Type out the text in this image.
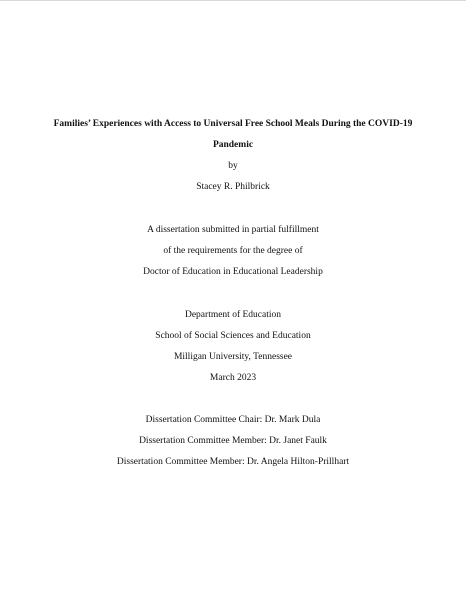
Families’ Experiences with Access to Universal Free School Meals During the COVID-19
Pandemic
by
Stacey R. Philbrick
A dissertation submitted in partial fulfillment
of the requirements for the degree of
Doctor of Education in Educational Leadership
Department of Education
School of Social Sciences and Education
Milligan University, Tennessee
March 2023
Dissertation Committee Chair: Dr. Mark Dula
Dissertation Committee Member: Dr. Janet Faulk
Dissertation Committee Member: Dr. Angela Hilton-Prillhart
